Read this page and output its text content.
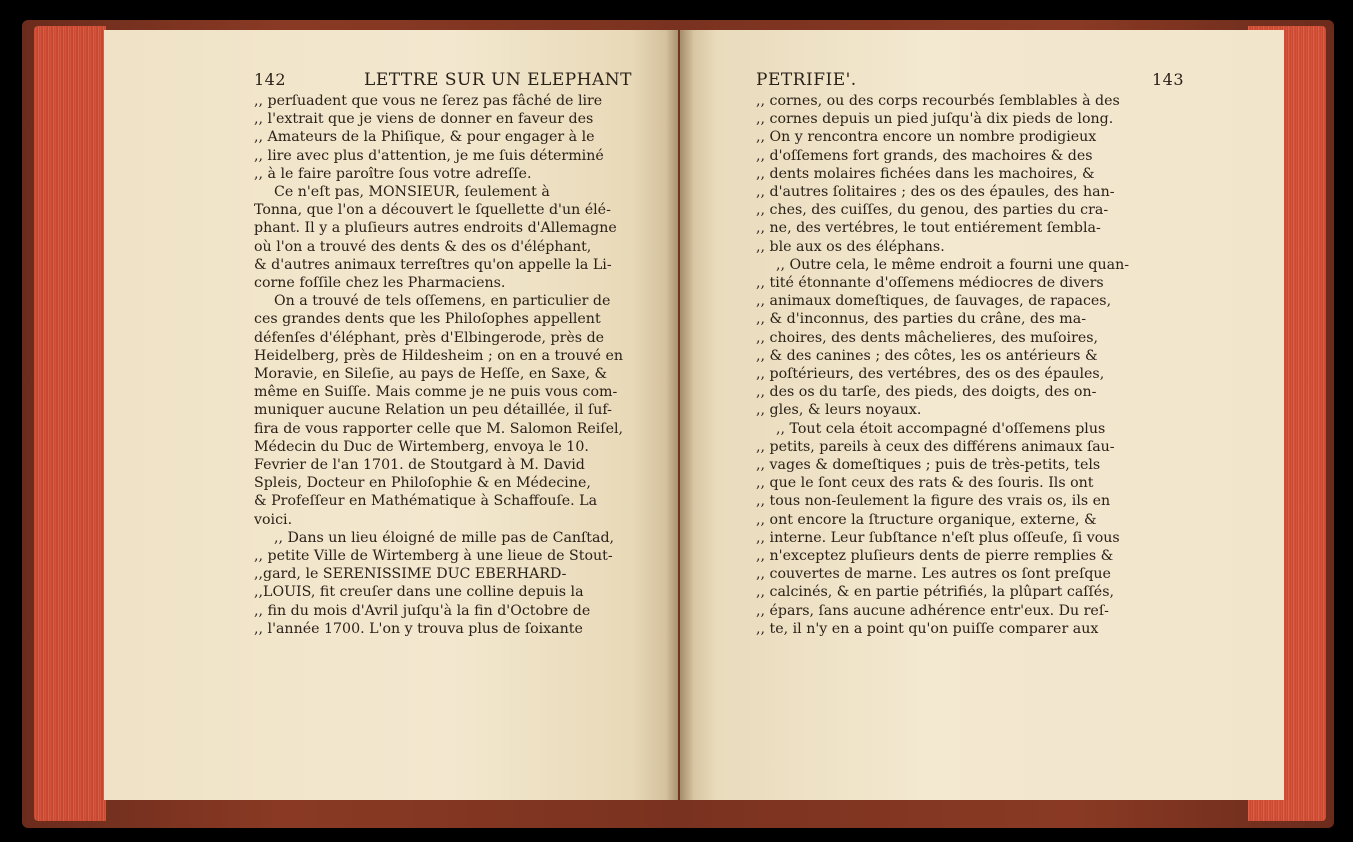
142	LETTRE SUR UN ELEPHANT
,, perſuadent que vous ne ſerez pas fâché de lire
,, l'extrait que je viens de donner en faveur des
,, Amateurs de la Phiſique, & pour engager à le
,, lire avec plus d'attention, je me ſuis déterminé
,, à le faire paroître ſous votre adreſſe.
Ce n'eſt pas, MONSIEUR, ſeulement à
Tonna, que l'on a découvert le ſquellette d'un élé-
phant. Il y a pluſieurs autres endroits d'Allemagne
où l'on a trouvé des dents & des os d'éléphant,
& d'autres animaux terreſtres qu'on appelle la Li-
corne foſſile chez les Pharmaciens.
On a trouvé de tels oſſemens, en particulier de
ces grandes dents que les Philoſophes appellent
défenſes d'éléphant, près d'Elbingerode, près de
Heidelberg, près de Hildesheim ; on en a trouvé en
Moravie, en Sileſie, au pays de Heſſe, en Saxe, &
même en Suiſſe. Mais comme je ne puis vous com-
muniquer aucune Relation un peu détaillée, il ſuf-
fira de vous rapporter celle que M. Salomon Reiſel,
Médecin du Duc de Wirtemberg, envoya le 10.
Fevrier de l'an 1701. de Stoutgard à M. David
Spleis, Docteur en Philoſophie & en Médecine,
& Profeſſeur en Mathématique à Schaffouſe. La
voici.
,, Dans un lieu éloigné de mille pas de Canſtad,
,, petite Ville de Wirtemberg à une lieue de Stout-
,,gard, le SERENISSIME DUC EBERHARD-
,,LOUIS, fit creuſer dans une colline depuis la
,, fin du mois d'Avril juſqu'à la fin d'Octobre de
,, l'année 1700. L'on y trouva plus de ſoixante
PETRIFIE'.	143
,, cornes, ou des corps recourbés ſemblables à des
,, cornes depuis un pied juſqu'à dix pieds de long.
,, On y rencontra encore un nombre prodigieux
,, d'oſſemens fort grands, des machoires & des
,, dents molaires fichées dans les machoires, &
,, d'autres ſolitaires ; des os des épaules, des han-
,, ches, des cuiſſes, du genou, des parties du cra-
,, ne, des vertébres, le tout entiérement ſembla-
,, ble aux os des éléphans.
,, Outre cela, le même endroit a fourni une quan-
,, tité étonnante d'oſſemens médiocres de divers
,, animaux domeſtiques, de ſauvages, de rapaces,
,, & d'inconnus, des parties du crâne, des ma-
,, choires, des dents mâchelieres, des muſoires,
,, & des canines ; des côtes, les os antérieurs &
,, poſtérieurs, des vertébres, des os des épaules,
,, des os du tarſe, des pieds, des doigts, des on-
,, gles, & leurs noyaux.
,, Tout cela étoit accompagné d'oſſemens plus
,, petits, pareils à ceux des différens animaux ſau-
,, vages & domeſtiques ; puis de très-petits, tels
,, que le ſont ceux des rats & des ſouris. Ils ont
,, tous non-ſeulement la figure des vrais os, ils en
,, ont encore la ſtructure organique, externe, &
,, interne. Leur ſubſtance n'eſt plus oſſeuſe, ſi vous
,, n'exceptez pluſieurs dents de pierre remplies &
,, couvertes de marne. Les autres os ſont preſque
,, calcinés, & en partie pétrifiés, la plûpart caſſés,
,, épars, ſans aucune adhérence entr'eux. Du reſ-
,, te, il n'y en a point qu'on puiſſe comparer aux
